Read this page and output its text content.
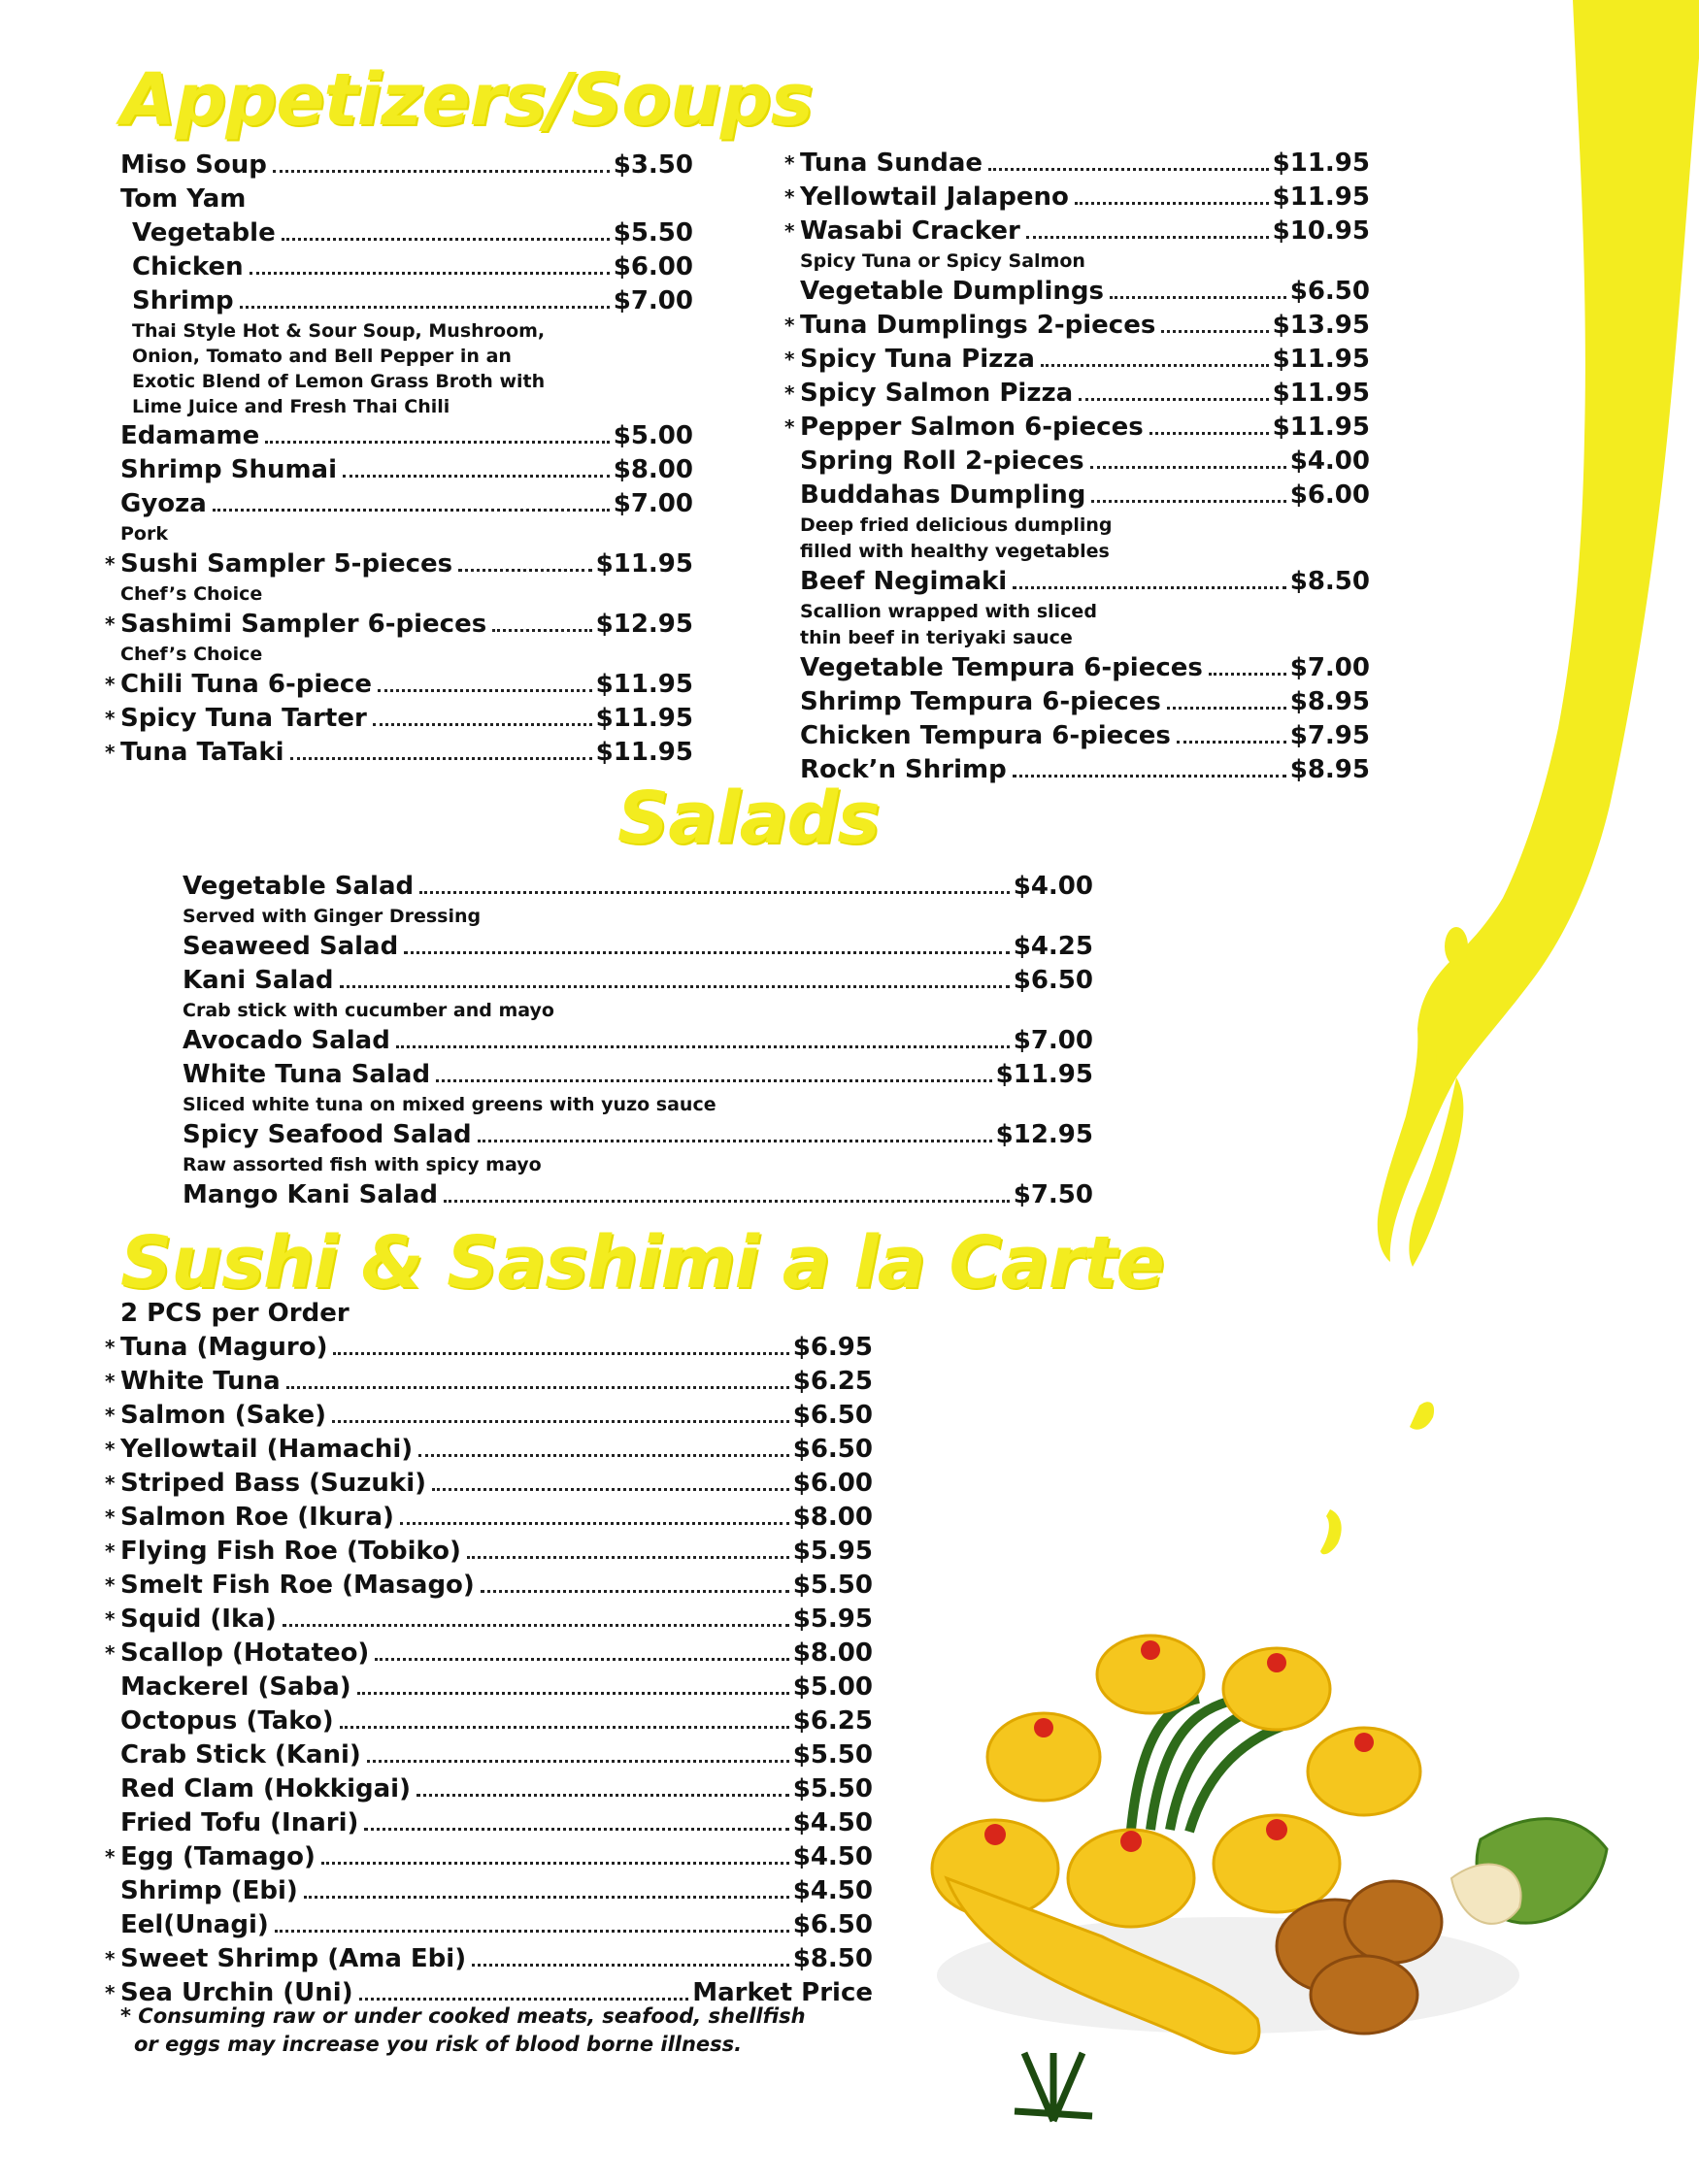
Appetizers/Soups
Miso Soup	$3.50
Tom Yam
Vegetable	$5.50
Chicken	$6.00
Shrimp	$7.00
Thai Style Hot & Sour Soup, Mushroom,
Onion, Tomato and Bell Pepper in an
Exotic Blend of Lemon Grass Broth with
Lime Juice and Fresh Thai Chili
Edamame	$5.00
Shrimp Shumai	$8.00
Gyoza	$7.00
Pork
* Sushi Sampler 5-pieces	$11.95
Chef’s Choice
* Sashimi Sampler 6-pieces	$12.95
Chef’s Choice
* Chili Tuna 6-piece	$11.95
* Spicy Tuna Tarter	$11.95
* Tuna TaTaki	$11.95
* Tuna Sundae	$11.95
* Yellowtail Jalapeno	$11.95
* Wasabi Cracker	$10.95
Spicy Tuna or Spicy Salmon
Vegetable Dumplings	$6.50
* Tuna Dumplings 2-pieces	$13.95
* Spicy Tuna Pizza	$11.95
* Spicy Salmon Pizza	$11.95
* Pepper Salmon 6-pieces	$11.95
Spring Roll 2-pieces	$4.00
Buddahas Dumpling	$6.00
Deep fried delicious dumpling
filled with healthy vegetables
Beef Negimaki	$8.50
Scallion wrapped with sliced
thin beef in teriyaki sauce
Vegetable Tempura 6-pieces	$7.00
Shrimp Tempura 6-pieces	$8.95
Chicken Tempura 6-pieces	$7.95
Rock’n Shrimp	$8.95
Salads
Vegetable Salad	$4.00
Served with Ginger Dressing
Seaweed Salad	$4.25
Kani Salad	$6.50
Crab stick with cucumber and mayo
Avocado Salad	$7.00
White Tuna Salad	$11.95
Sliced white tuna on mixed greens with yuzo sauce
Spicy Seafood Salad	$12.95
Raw assorted fish with spicy mayo
Mango Kani Salad	$7.50
Sushi & Sashimi a la Carte
2 PCS per Order
* Tuna (Maguro)	$6.95
* White Tuna	$6.25
* Salmon (Sake)	$6.50
* Yellowtail (Hamachi)	$6.50
* Striped Bass (Suzuki)	$6.00
* Salmon Roe (Ikura)	$8.00
* Flying Fish Roe (Tobiko)	$5.95
* Smelt Fish Roe (Masago)	$5.50
* Squid (Ika)	$5.95
* Scallop (Hotateo)	$8.00
Mackerel (Saba)	$5.00
Octopus (Tako)	$6.25
Crab Stick (Kani)	$5.50
Red Clam (Hokkigai)	$5.50
Fried Tofu (Inari)	$4.50
* Egg (Tamago)	$4.50
Shrimp (Ebi)	$4.50
Eel(Unagi)	$6.50
* Sweet Shrimp (Ama Ebi)	$8.50
* Sea Urchin (Uni)	Market Price
* Consuming raw or under cooked meats, seafood, shellfish
or eggs may increase you risk of blood borne illness.
